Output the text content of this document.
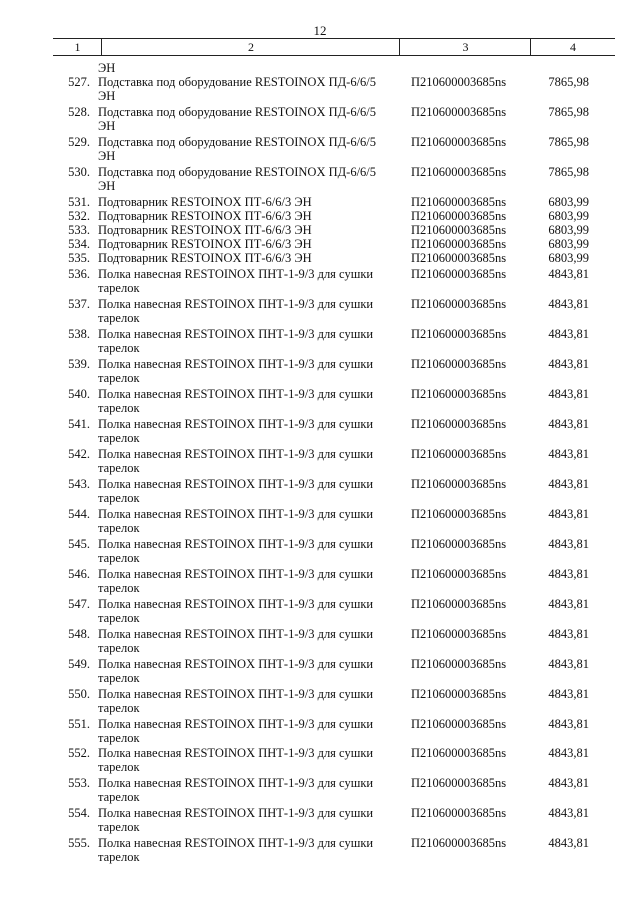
12
1	2	3	4
ЭН
527. Подставка под оборудование RESTOINOX ПД-6/6/5
ЭН
П210600003685ns	7865,98
528. Подставка под оборудование RESTOINOX ПД-6/6/5
ЭН
П210600003685ns	7865,98
529. Подставка под оборудование RESTOINOX ПД-6/6/5
ЭН
П210600003685ns	7865,98
530. Подставка под оборудование RESTOINOX ПД-6/6/5
ЭН
П210600003685ns	7865,98
531. Подтоварник RESTOINOX ПТ-6/6/3 ЭН	П210600003685ns	6803,99
532. Подтоварник RESTOINOX ПТ-6/6/3 ЭН	П210600003685ns	6803,99
533. Подтоварник RESTOINOX ПТ-6/6/3 ЭН	П210600003685ns	6803,99
534. Подтоварник RESTOINOX ПТ-6/6/3 ЭН	П210600003685ns	6803,99
535. Подтоварник RESTOINOX ПТ-6/6/3 ЭН	П210600003685ns	6803,99
536. Полка навесная RESTOINOX ПНТ-1-9/3 для сушки
тарелок
П210600003685ns	4843,81
537. Полка навесная RESTOINOX ПНТ-1-9/3 для сушки
тарелок
П210600003685ns	4843,81
538. Полка навесная RESTOINOX ПНТ-1-9/3 для сушки
тарелок
П210600003685ns	4843,81
539. Полка навесная RESTOINOX ПНТ-1-9/3 для сушки
тарелок
П210600003685ns	4843,81
540. Полка навесная RESTOINOX ПНТ-1-9/3 для сушки
тарелок
П210600003685ns	4843,81
541. Полка навесная RESTOINOX ПНТ-1-9/3 для сушки
тарелок
П210600003685ns	4843,81
542. Полка навесная RESTOINOX ПНТ-1-9/3 для сушки
тарелок
П210600003685ns	4843,81
543. Полка навесная RESTOINOX ПНТ-1-9/3 для сушки
тарелок
П210600003685ns	4843,81
544. Полка навесная RESTOINOX ПНТ-1-9/3 для сушки
тарелок
П210600003685ns	4843,81
545. Полка навесная RESTOINOX ПНТ-1-9/3 для сушки
тарелок
П210600003685ns	4843,81
546. Полка навесная RESTOINOX ПНТ-1-9/3 для сушки
тарелок
П210600003685ns	4843,81
547. Полка навесная RESTOINOX ПНТ-1-9/3 для сушки
тарелок
П210600003685ns	4843,81
548. Полка навесная RESTOINOX ПНТ-1-9/3 для сушки
тарелок
П210600003685ns	4843,81
549. Полка навесная RESTOINOX ПНТ-1-9/3 для сушки
тарелок
П210600003685ns	4843,81
550. Полка навесная RESTOINOX ПНТ-1-9/3 для сушки
тарелок
П210600003685ns	4843,81
551. Полка навесная RESTOINOX ПНТ-1-9/3 для сушки
тарелок
П210600003685ns	4843,81
552. Полка навесная RESTOINOX ПНТ-1-9/3 для сушки
тарелок
П210600003685ns	4843,81
553. Полка навесная RESTOINOX ПНТ-1-9/3 для сушки
тарелок
П210600003685ns	4843,81
554. Полка навесная RESTOINOX ПНТ-1-9/3 для сушки
тарелок
П210600003685ns	4843,81
555. Полка навесная RESTOINOX ПНТ-1-9/3 для сушки
тарелок
П210600003685ns	4843,81
